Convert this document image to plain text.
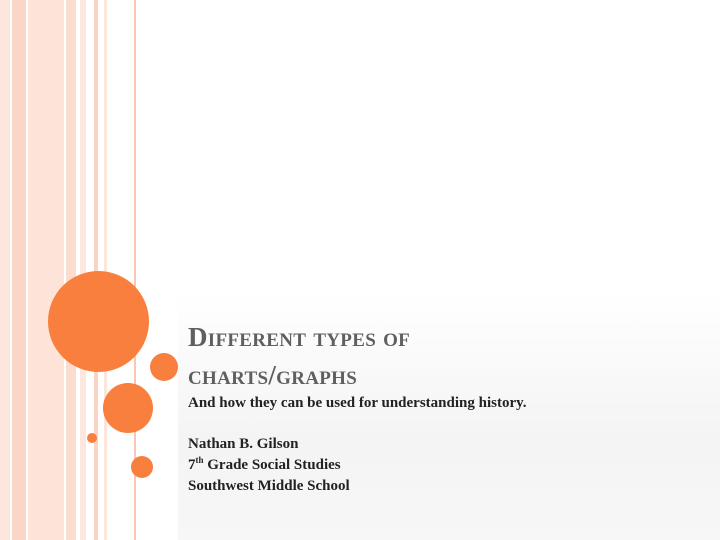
Different types of
charts/graphs

And how they can be used for understanding history.

Nathan B. Gilson
7th Grade Social Studies
Southwest Middle School
